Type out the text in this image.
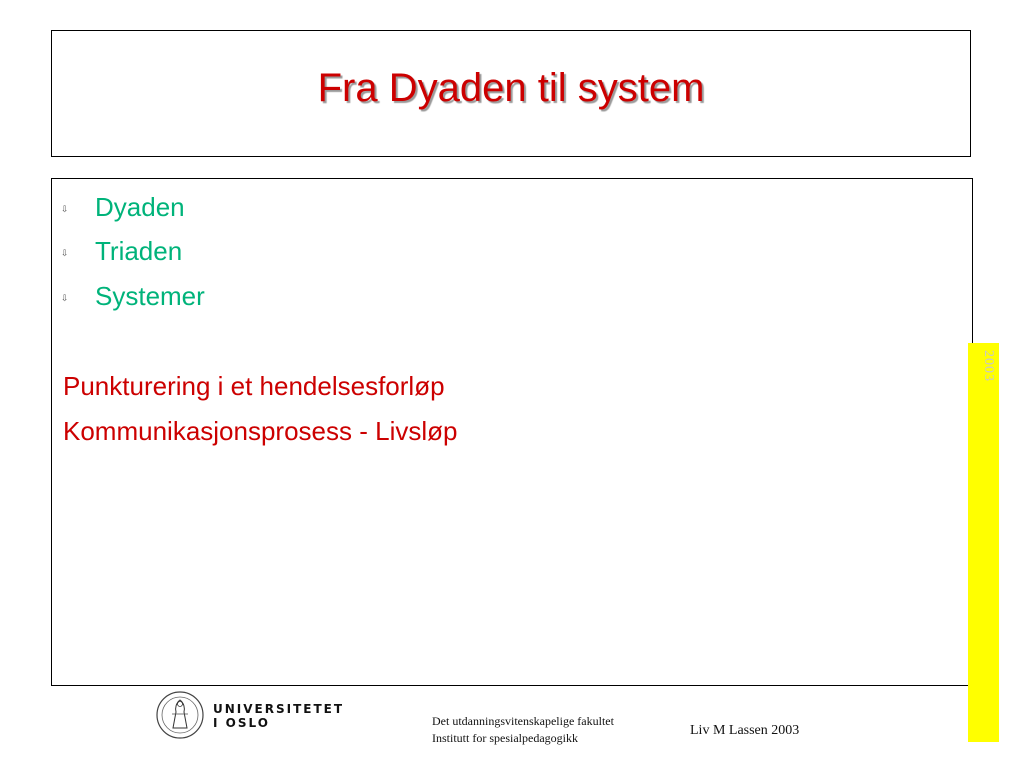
Fra Dyaden til system
⇩ Dyaden
⇩ Triaden
⇩ Systemer
Punkturering i et hendelsesforløp
Kommunikasjonsprosess - Livsløp
2003
UNIVERSITETET
I OSLO	Det utdanningsvitenskapelige fakultet
Institutt for spesialpedagogikk	Liv M Lassen 2003
